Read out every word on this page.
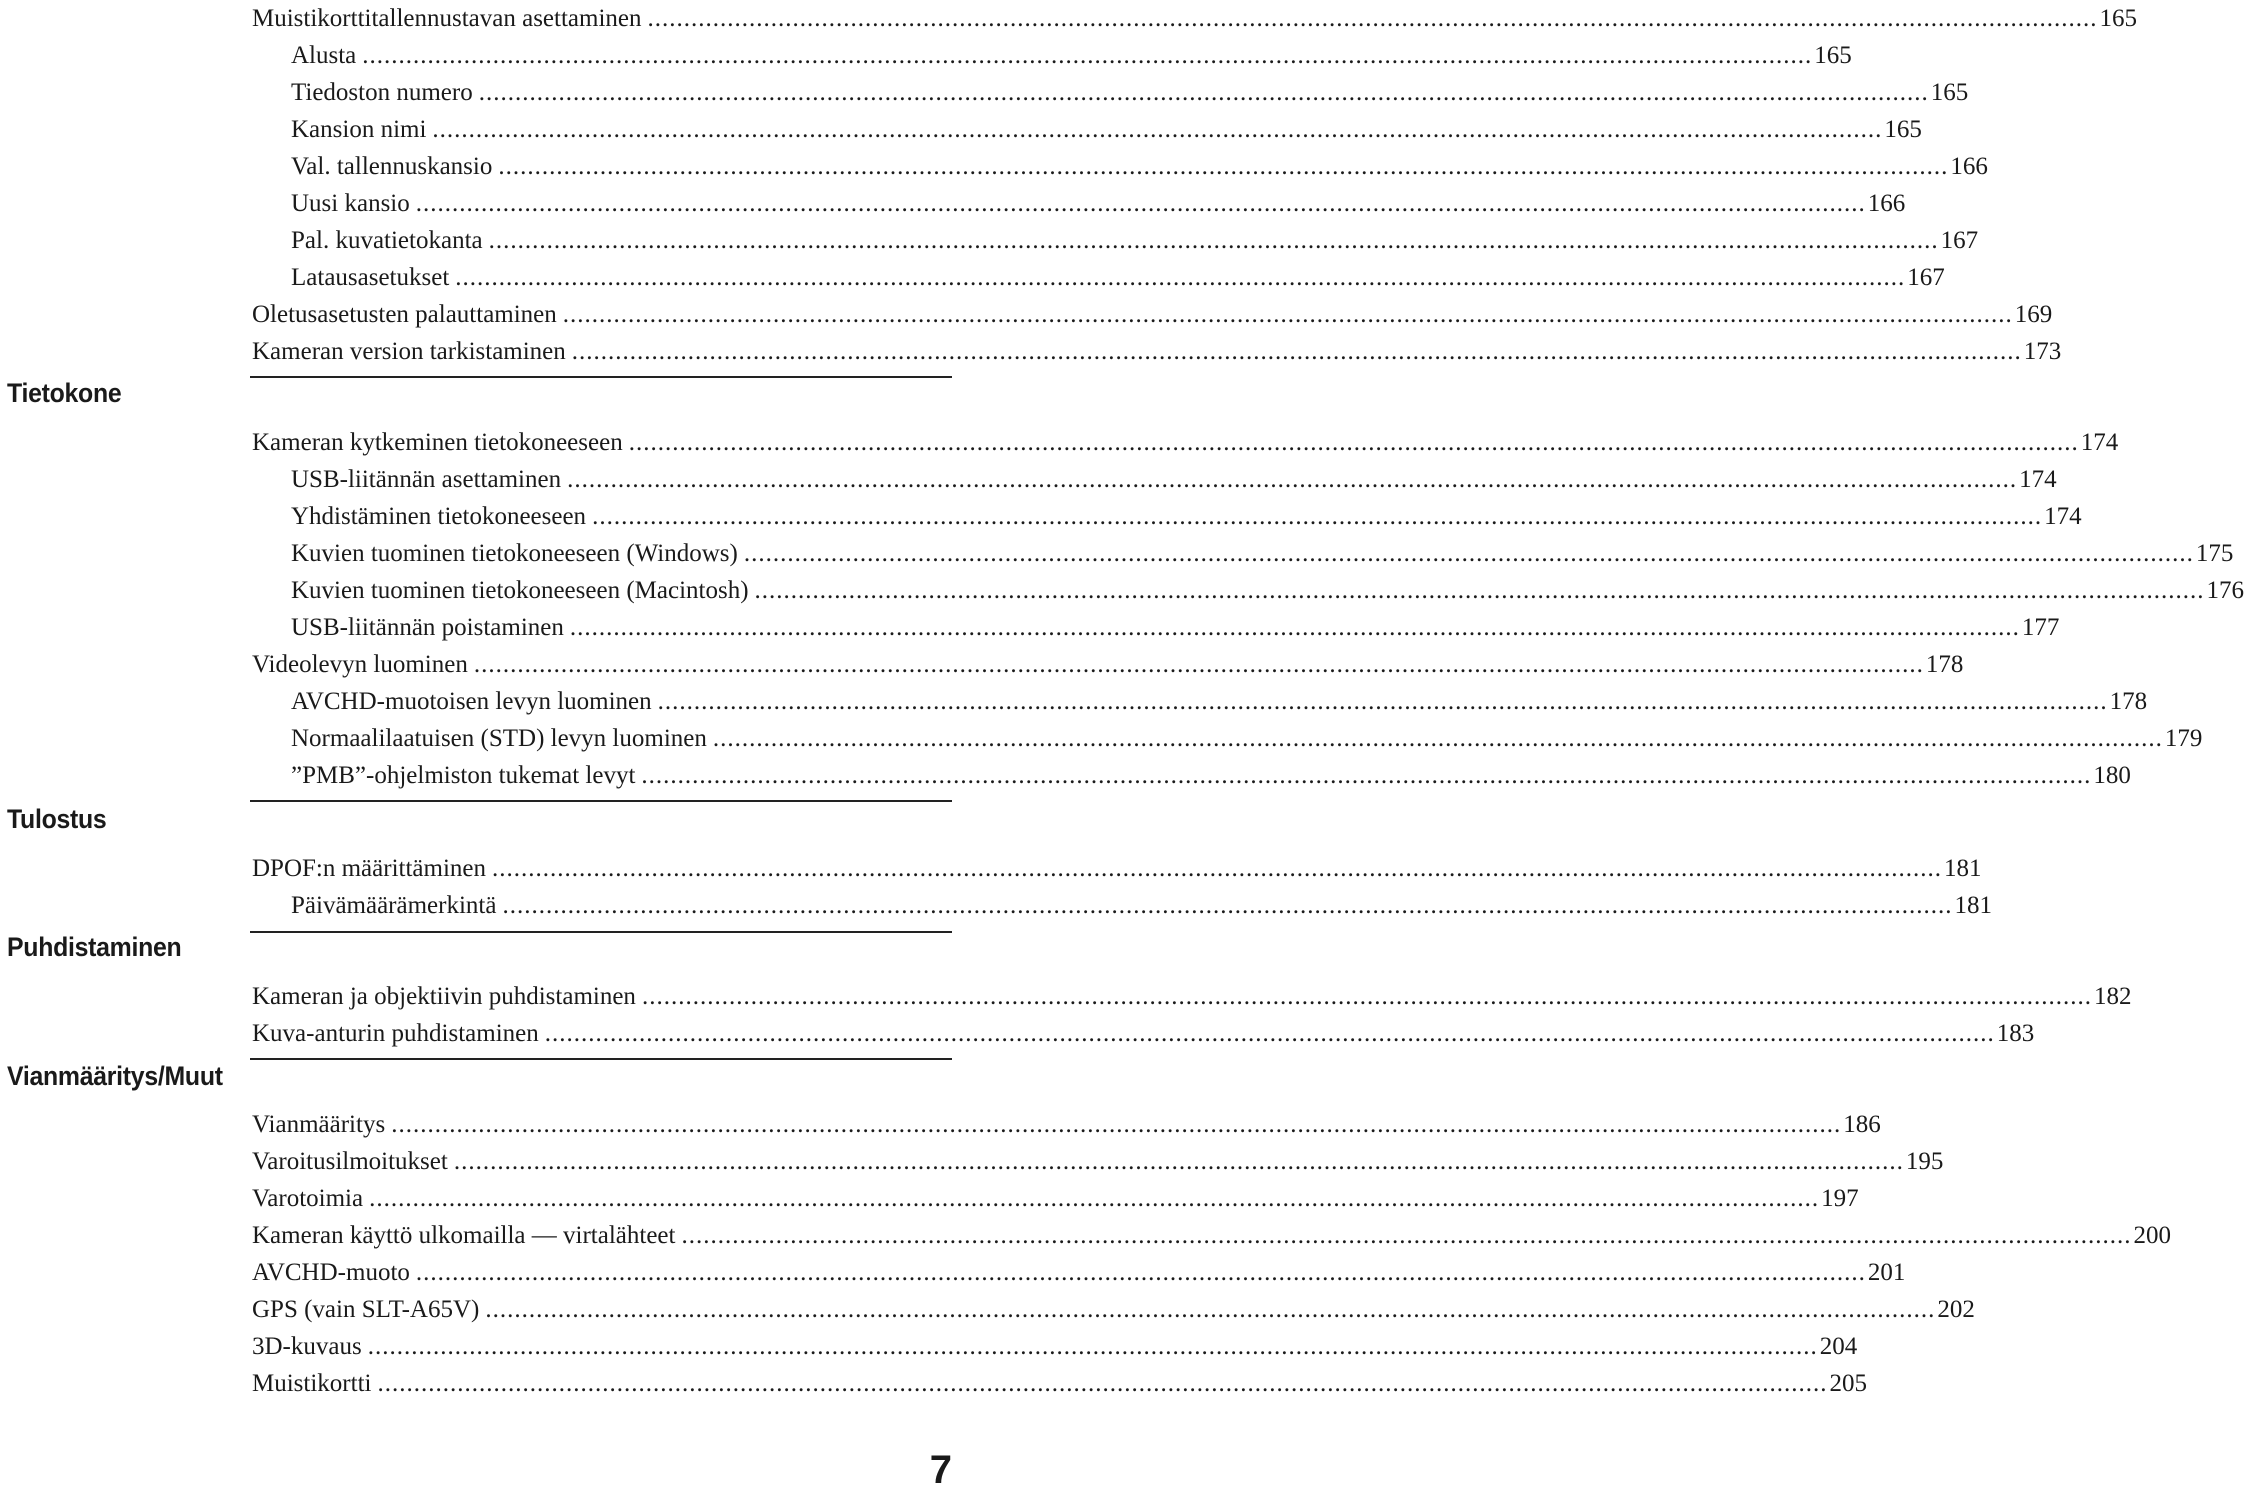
Muistikorttitallennustavan asettaminen ........................................................................................................................................................................................................ 165
Alusta ........................................................................................................................................................................................................ 165
Tiedoston numero ........................................................................................................................................................................................................ 165
Kansion nimi ........................................................................................................................................................................................................ 165
Val. tallennuskansio ........................................................................................................................................................................................................ 166
Uusi kansio ........................................................................................................................................................................................................ 166
Pal. kuvatietokanta ........................................................................................................................................................................................................ 167
Latausasetukset ........................................................................................................................................................................................................ 167
Oletusasetusten palauttaminen ........................................................................................................................................................................................................ 169
Kameran version tarkistaminen ........................................................................................................................................................................................................ 173
Tietokone
Kameran kytkeminen tietokoneeseen ........................................................................................................................................................................................................ 174
USB-liitännän asettaminen ........................................................................................................................................................................................................ 174
Yhdistäminen tietokoneeseen ........................................................................................................................................................................................................ 174
Kuvien tuominen tietokoneeseen (Windows) ........................................................................................................................................................................................................ 175
Kuvien tuominen tietokoneeseen (Macintosh) ........................................................................................................................................................................................................ 176
USB-liitännän poistaminen ........................................................................................................................................................................................................ 177
Videolevyn luominen ........................................................................................................................................................................................................ 178
AVCHD-muotoisen levyn luominen ........................................................................................................................................................................................................ 178
Normaalilaatuisen (STD) levyn luominen ........................................................................................................................................................................................................ 179
”PMB”-ohjelmiston tukemat levyt ........................................................................................................................................................................................................ 180
Tulostus
DPOF:n määrittäminen ........................................................................................................................................................................................................ 181
Päivämäärämerkintä ........................................................................................................................................................................................................ 181
Puhdistaminen
Kameran ja objektiivin puhdistaminen ........................................................................................................................................................................................................ 182
Kuva-anturin puhdistaminen ........................................................................................................................................................................................................ 183
Vianmääritys/Muut
Vianmääritys ........................................................................................................................................................................................................ 186
Varoitusilmoitukset ........................................................................................................................................................................................................ 195
Varotoimia ........................................................................................................................................................................................................ 197
Kameran käyttö ulkomailla — virtalähteet ........................................................................................................................................................................................................ 200
AVCHD-muoto ........................................................................................................................................................................................................ 201
GPS (vain SLT-A65V) ........................................................................................................................................................................................................ 202
3D-kuvaus ........................................................................................................................................................................................................ 204
Muistikortti ........................................................................................................................................................................................................ 205
7
